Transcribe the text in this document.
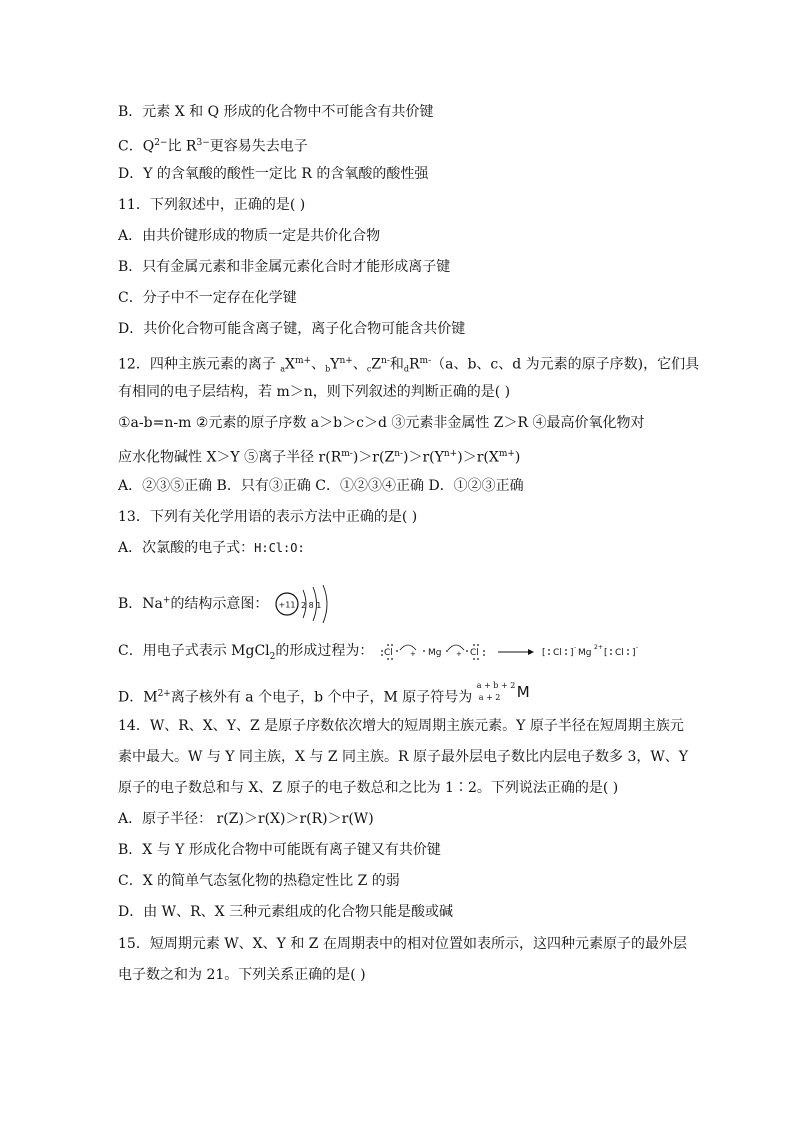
B．元素 X 和 Q 形成的化合物中不可能含有共价键
C．$Q^{2-}$比 $R^{3-}$更容易失去电子
D．Y 的含氧酸的酸性一定比 R 的含氧酸的酸性强
11．下列叙述中，正确的是( )
A．由共价键形成的物质一定是共价化合物
B．只有金属元素和非金属元素化合时才能形成离子键
C．分子中不一定存在化学键
D．共价化合物可能含离子键，离子化合物可能含共价键
12．四种主族元素的离子 $_aX^{m+}$、$_bY^{n+}$、$_cZ^{n-}$和$_dR^{m-}(a$、b、c、d 为元素的原子序数)，它们具
有相同的电子层结构，若 m＞n，则下列叙述的判断正确的是( )
①a-b=n-m ②元素的原子序数 a＞b＞c＞d ③元素非金属性 Z＞R ④最高价氧化物对
应水化物碱性 X＞Y ⑤离子半径 $r(R^{m-})>r(Z^{n-})>r(Y^{n+})>r(X^{m+})$
A．②③⑤正确 B．只有③正确 C．①②③④正确 D．①②③正确
13．下列有关化学用语的表示方法中正确的是( )
A．次氯酸的电子式：H:Cl:O:
B．Na+的结构示意图： +11 2 8 1
C．用电子式表示 MgCl$_2$的形成过程为： Cl + Mg + Cl	[ Cl ]
-
Mg
2+
[ Cl ]
-
D．$M^{2+}$离子核外有 a 个电子，b 个中子，M 原子符号为
a + b + 2
a + 2 M
14．W、R、X、Y、Z 是原子序数依次增大的短周期主族元素。Y 原子半径在短周期主族元
素中最大。W 与 Y 同主族，X 与 Z 同主族。R 原子最外层电子数比内层电子数多 3，W、Y
原子的电子数总和与 X、Z 原子的电子数总和之比为 1∶2。下列说法正确的是( )
A．原子半径： r(Z)＞r(X)＞r(R)＞r(W)
B．X 与 Y 形成化合物中可能既有离子键又有共价键
C．X 的简单气态氢化物的热稳定性比 Z 的弱
D．由 W、R、X 三种元素组成的化合物只能是酸或碱
15．短周期元素 W、X、Y 和 Z 在周期表中的相对位置如表所示，这四种元素原子的最外层
电子数之和为 21。下列关系正确的是( )
